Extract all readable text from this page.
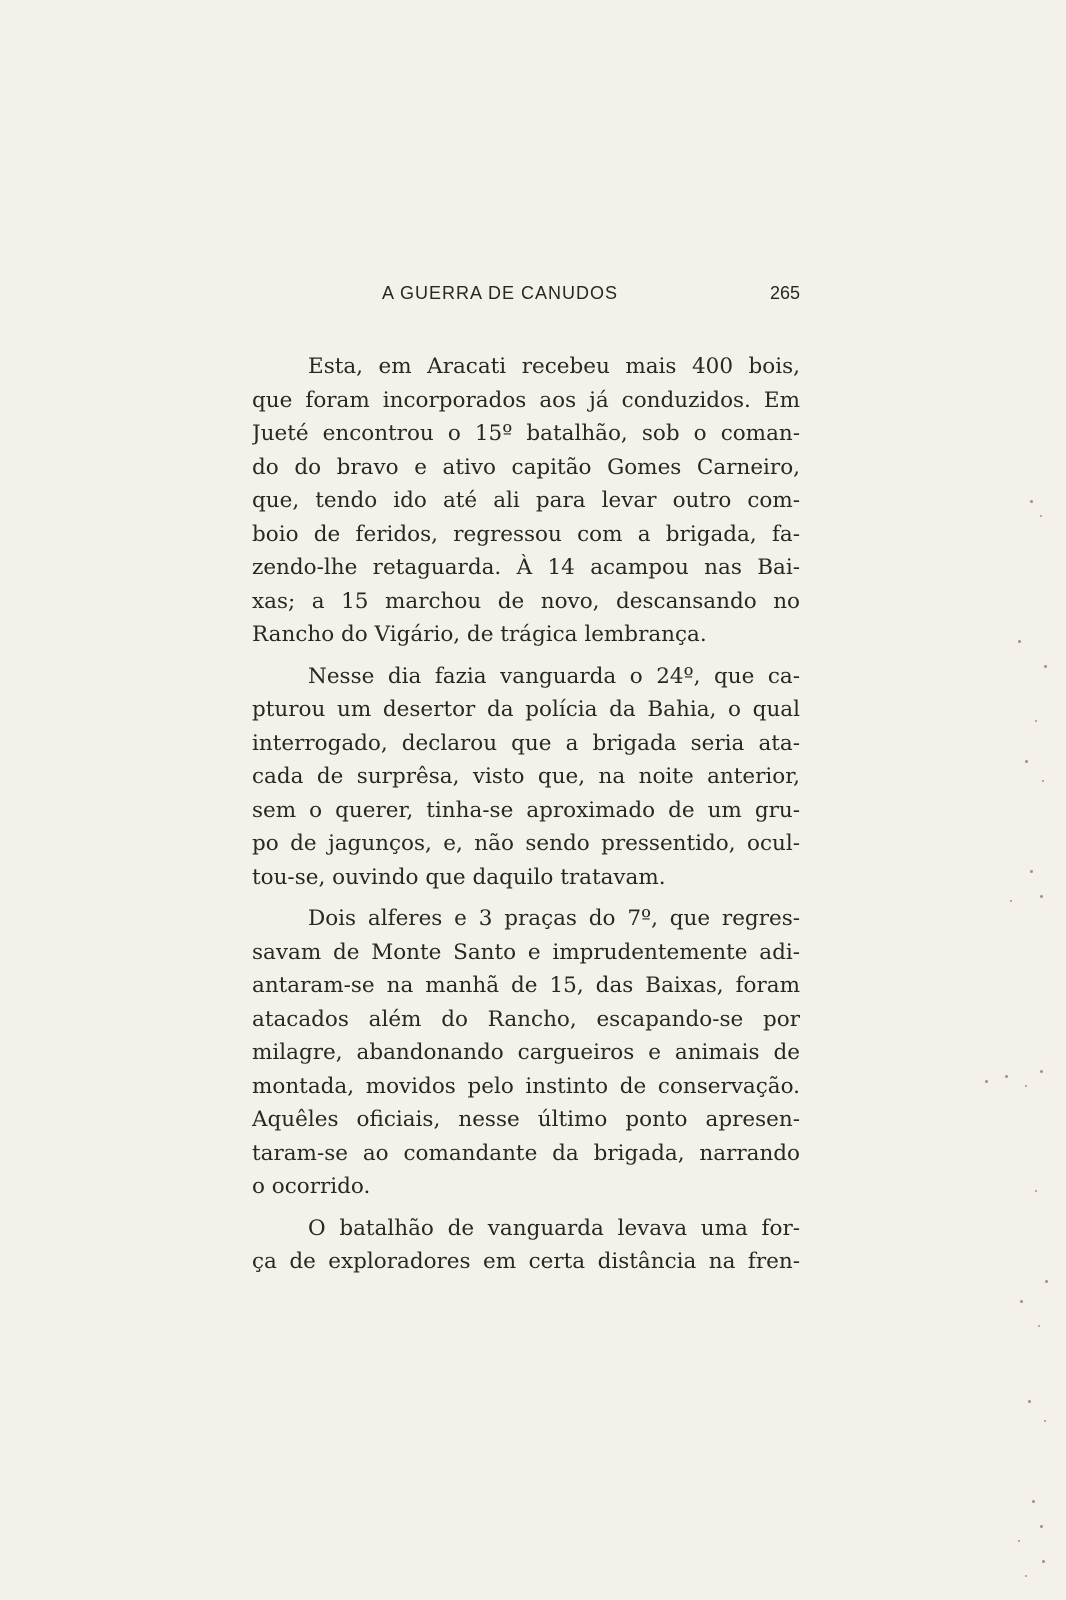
A GUERRA DE CANUDOS	265
Esta, em Aracati recebeu mais 400 bois,
que foram incorporados aos já conduzidos. Em
Jueté encontrou o 15º batalhão, sob o coman-
do do bravo e ativo capitão Gomes Carneiro,
que, tendo ido até ali para levar outro com-
boio de feridos, regressou com a brigada, fa-
zendo-lhe retaguarda. À 14 acampou nas Bai-
xas; a 15 marchou de novo, descansando no
Rancho do Vigário, de trágica lembrança.
Nesse dia fazia vanguarda o 24º, que ca-
pturou um desertor da polícia da Bahia, o qual
interrogado, declarou que a brigada seria ata-
cada de surprêsa, visto que, na noite anterior,
sem o querer, tinha-se aproximado de um gru-
po de jagunços, e, não sendo pressentido, ocul-
tou-se, ouvindo que daquilo tratavam.
Dois alferes e 3 praças do 7º, que regres-
savam de Monte Santo e imprudentemente adi-
antaram-se na manhã de 15, das Baixas, foram
atacados além do Rancho, escapando-se por
milagre, abandonando cargueiros e animais de
montada, movidos pelo instinto de conservação.
Aquêles oficiais, nesse último ponto apresen-
taram-se ao comandante da brigada, narrando
o ocorrido.
O batalhão de vanguarda levava uma for-
ça de exploradores em certa distância na fren-
